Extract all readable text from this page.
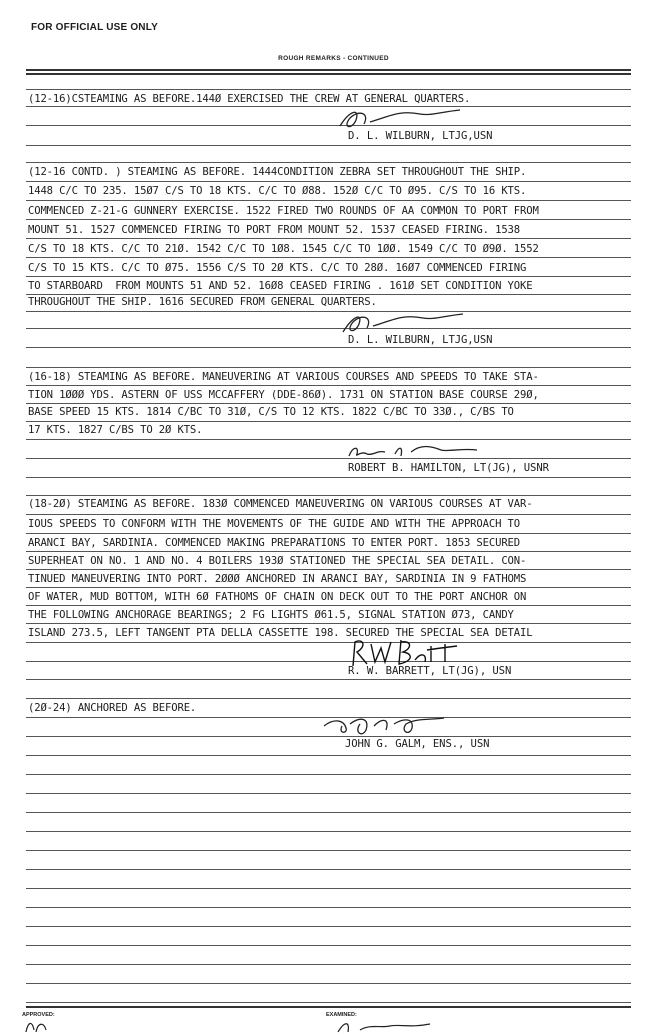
FOR OFFICIAL USE ONLY
ROUGH REMARKS - CONTINUED
(12-16)CSTEAMING AS BEFORE.144Ø EXERCISED THE CREW AT GENERAL QUARTERS.
D. L. WILBURN, LTJG,USN
(12-16 CONTD. ) STEAMING AS BEFORE. 1444CONDITION ZEBRA SET THROUGHOUT THE SHIP.
1448 C/C TO 235. 15Ø7 C/S TO 18 KTS. C/C TO Ø88. 152Ø C/C TO Ø95. C/S TO 16 KTS.
COMMENCED Z-21-G GUNNERY EXERCISE. 1522 FIRED TWO ROUNDS OF AA COMMON TO PORT FROM
MOUNT 51. 1527 COMMENCED FIRING TO PORT FROM MOUNT 52. 1537 CEASED FIRING. 1538
C/S TO 18 KTS. C/C TO 21Ø. 1542 C/C TO 1Ø8. 1545 C/C TO 1ØØ. 1549 C/C TO Ø9Ø. 1552
C/S TO 15 KTS. C/C TO Ø75. 1556 C/S TO 2Ø KTS. C/C TO 28Ø. 16Ø7 COMMENCED FIRING
TO STARBOARD  FROM MOUNTS 51 AND 52. 16Ø8 CEASED FIRING . 161Ø SET CONDITION YOKE
THROUGHOUT THE SHIP. 1616 SECURED FROM GENERAL QUARTERS.
D. L. WILBURN, LTJG,USN
(16-18) STEAMING AS BEFORE. MANEUVERING AT VARIOUS COURSES AND SPEEDS TO TAKE STA-
TION 1ØØØ YDS. ASTERN OF USS MCCAFFERY (DDE-86Ø). 1731 ON STATION BASE COURSE 29Ø,
BASE SPEED 15 KTS. 1814 C/BC TO 31Ø, C/S TO 12 KTS. 1822 C/BC TO 33Ø., C/BS TO
17 KTS. 1827 C/BS TO 2Ø KTS.
ROBERT B. HAMILTON, LT(JG), USNR
(18-2Ø) STEAMING AS BEFORE. 183Ø COMMENCED MANEUVERING ON VARIOUS COURSES AT VAR-
IOUS SPEEDS TO CONFORM WITH THE MOVEMENTS OF THE GUIDE AND WITH THE APPROACH TO
ARANCI BAY, SARDINIA. COMMENCED MAKING PREPARATIONS TO ENTER PORT. 1853 SECURED
SUPERHEAT ON NO. 1 AND NO. 4 BOILERS 193Ø STATIONED THE SPECIAL SEA DETAIL. CON-
TINUED MANEUVERING INTO PORT. 2ØØØ ANCHORED IN ARANCI BAY, SARDINIA IN 9 FATHOMS
OF WATER, MUD BOTTOM, WITH 6Ø FATHOMS OF CHAIN ON DECK OUT TO THE PORT ANCHOR ON
THE FOLLOWING ANCHORAGE BEARINGS; 2 FG LIGHTS Ø61.5, SIGNAL STATION Ø73, CANDY
ISLAND 273.5, LEFT TANGENT PTA DELLA CASSETTE 198. SECURED THE SPECIAL SEA DETAIL
R. W. BARRETT, LT(JG), USN
(2Ø-24) ANCHORED AS BEFORE.
JOHN G. GALM, ENS., USN
APPROVED:	EXAMINED:
